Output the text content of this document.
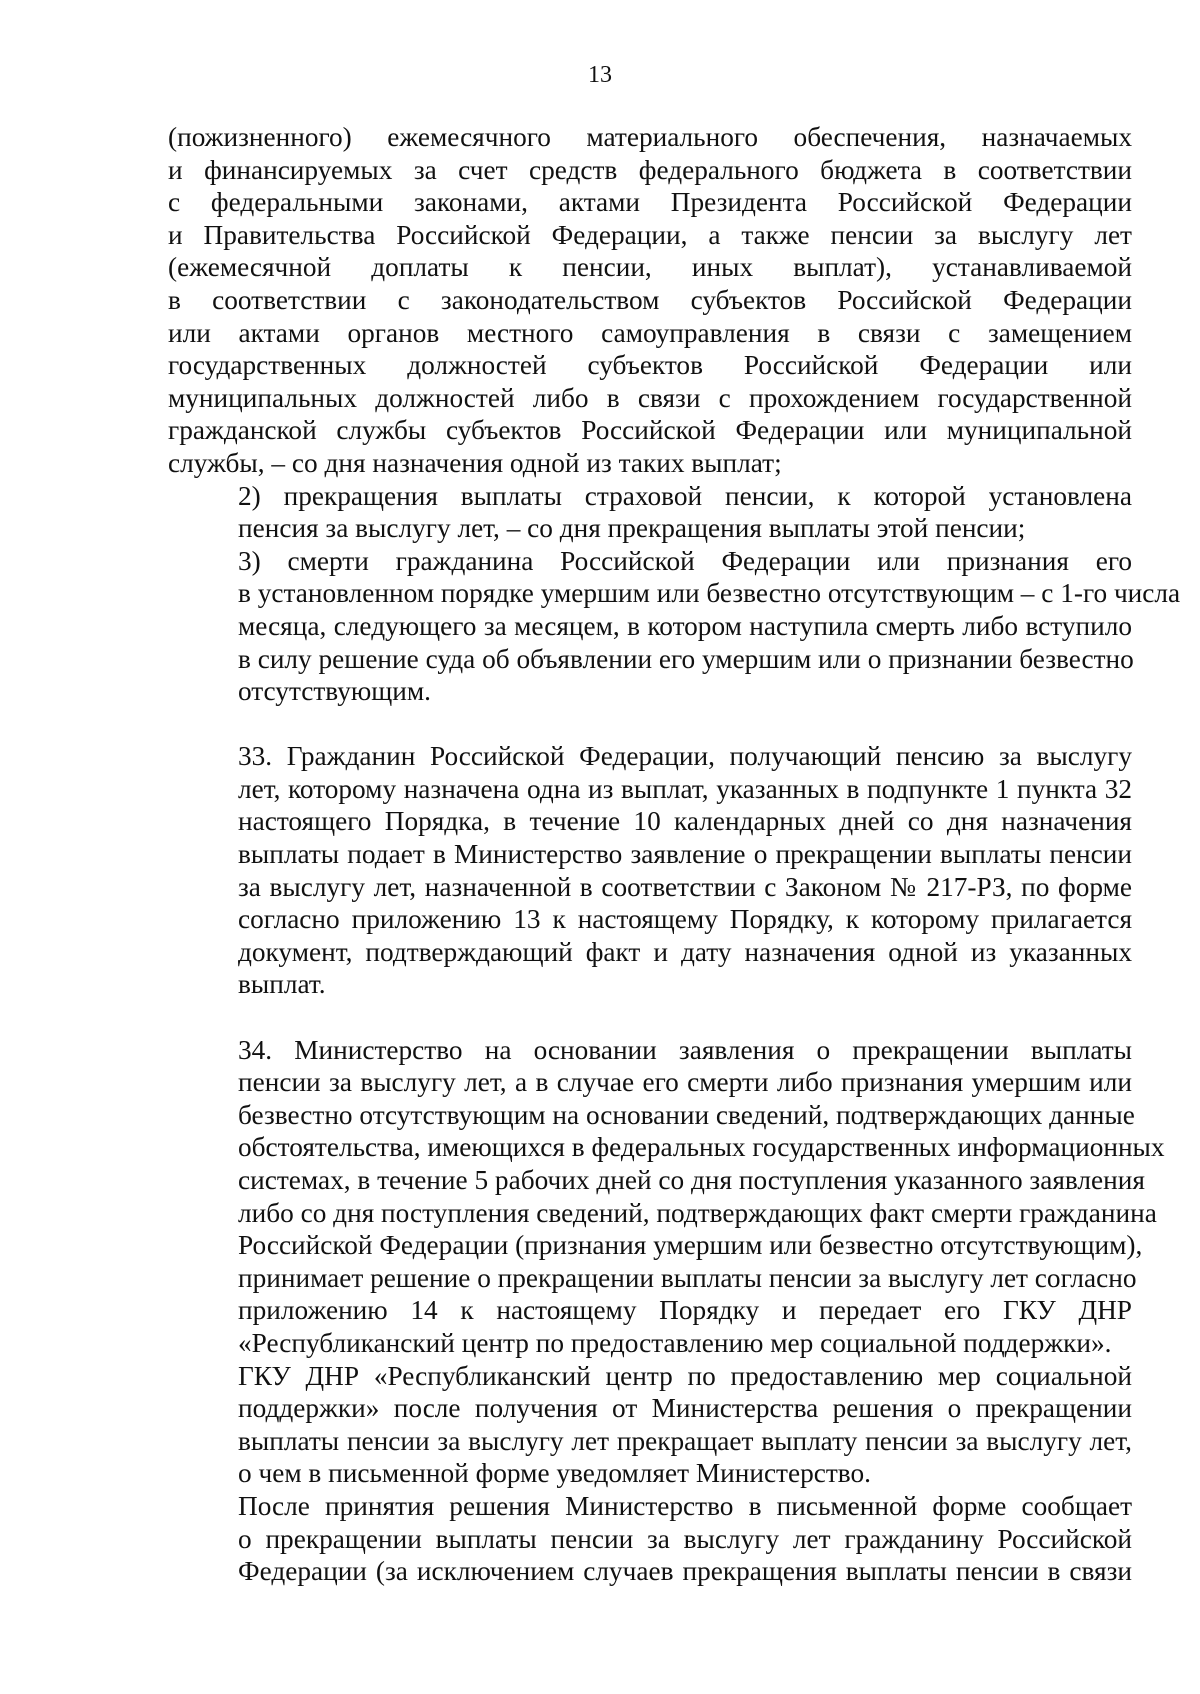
13

(пожизненного) ежемесячного материального обеспечения, назначаемых
и финансируемых за счет средств федерального бюджета в соответствии
с федеральными законами, актами Президента Российской Федерации
и Правительства Российской Федерации, а также пенсии за выслугу лет
(ежемесячной доплаты к пенсии, иных выплат), устанавливаемой
в соответствии с законодательством субъектов Российской Федерации
или актами органов местного самоуправления в связи с замещением
государственных должностей субъектов Российской Федерации или
муниципальных должностей либо в связи с прохождением государственной
гражданской службы субъектов Российской Федерации или муниципальной
службы, – со дня назначения одной из таких выплат;

2) прекращения выплаты страховой пенсии, к которой установлена
пенсия за выслугу лет, – со дня прекращения выплаты этой пенсии;

3) смерти гражданина Российской Федерации или признания его
в установленном порядке умершим или безвестно отсутствующим – с 1-го числа
месяца, следующего за месяцем, в котором наступила смерть либо вступило
в силу решение суда об объявлении его умершим или о признании безвестно
отсутствующим.

33. Гражданин Российской Федерации, получающий пенсию за выслугу
лет, которому назначена одна из выплат, указанных в подпункте 1 пункта 32
настоящего Порядка, в течение 10 календарных дней со дня назначения
выплаты подает в Министерство заявление о прекращении выплаты пенсии
за выслугу лет, назначенной в соответствии с Законом № 217-РЗ, по форме
согласно приложению 13 к настоящему Порядку, к которому прилагается
документ, подтверждающий факт и дату назначения одной из указанных
выплат.

34. Министерство на основании заявления о прекращении выплаты
пенсии за выслугу лет, а в случае его смерти либо признания умершим или
безвестно отсутствующим на основании сведений, подтверждающих данные
обстоятельства, имеющихся в федеральных государственных информационных
системах, в течение 5 рабочих дней со дня поступления указанного заявления
либо со дня поступления сведений, подтверждающих факт смерти гражданина
Российской Федерации (признания умершим или безвестно отсутствующим),
принимает решение о прекращении выплаты пенсии за выслугу лет согласно
приложению 14 к настоящему Порядку и передает его ГКУ ДНР
«Республиканский центр по предоставлению мер социальной поддержки».

ГКУ ДНР «Республиканский центр по предоставлению мер социальной
поддержки» после получения от Министерства решения о прекращении
выплаты пенсии за выслугу лет прекращает выплату пенсии за выслугу лет,
о чем в письменной форме уведомляет Министерство.

После принятия решения Министерство в письменной форме сообщает
о прекращении выплаты пенсии за выслугу лет гражданину Российской
Федерации (за исключением случаев прекращения выплаты пенсии в связи
